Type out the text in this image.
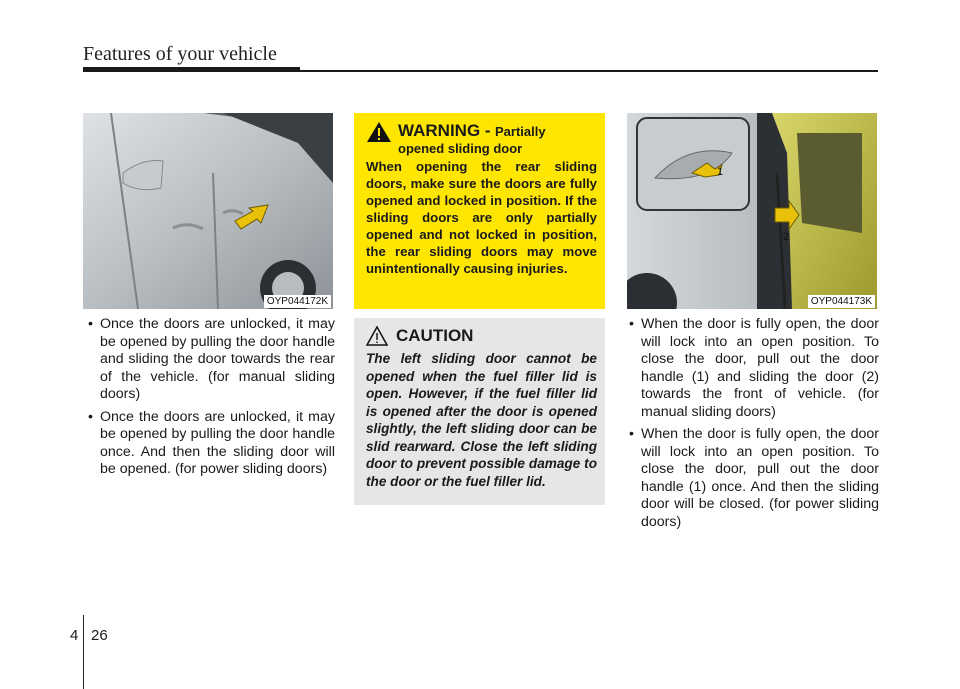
Features of your vehicle
OYP044172K
• Once the doors are unlocked, it may be opened by pulling the door handle and sliding the door towards the rear of the vehicle. (for manual sliding doors)
• Once the doors are unlocked, it may be opened by pulling the door handle once. And then the sliding door will be opened. (for power sliding doors)
WARNING - Partially
opened sliding door
When opening the rear sliding doors, make sure the doors are fully opened and locked in position. If the sliding doors are only partially opened and not locked in position, the rear sliding doors may move unintentionally causing injuries.
CAUTION
The left sliding door cannot be opened when the fuel filler lid is open. However, if the fuel filler lid is opened after the door is opened slightly, the left sliding door can be slid rearward. Close the left sliding door to prevent possible damage to the door or the fuel filler lid.
1
2
OYP044173K
• When the door is fully open, the door will lock into an open position. To close the door, pull out the door handle (1) and sliding the door (2) towards the front of vehicle. (for manual sliding doors)
• When the door is fully open, the door will lock into an open position. To close the door, pull out the door handle (1) once. And then the sliding door will be closed. (for power sliding doors)
4 26
